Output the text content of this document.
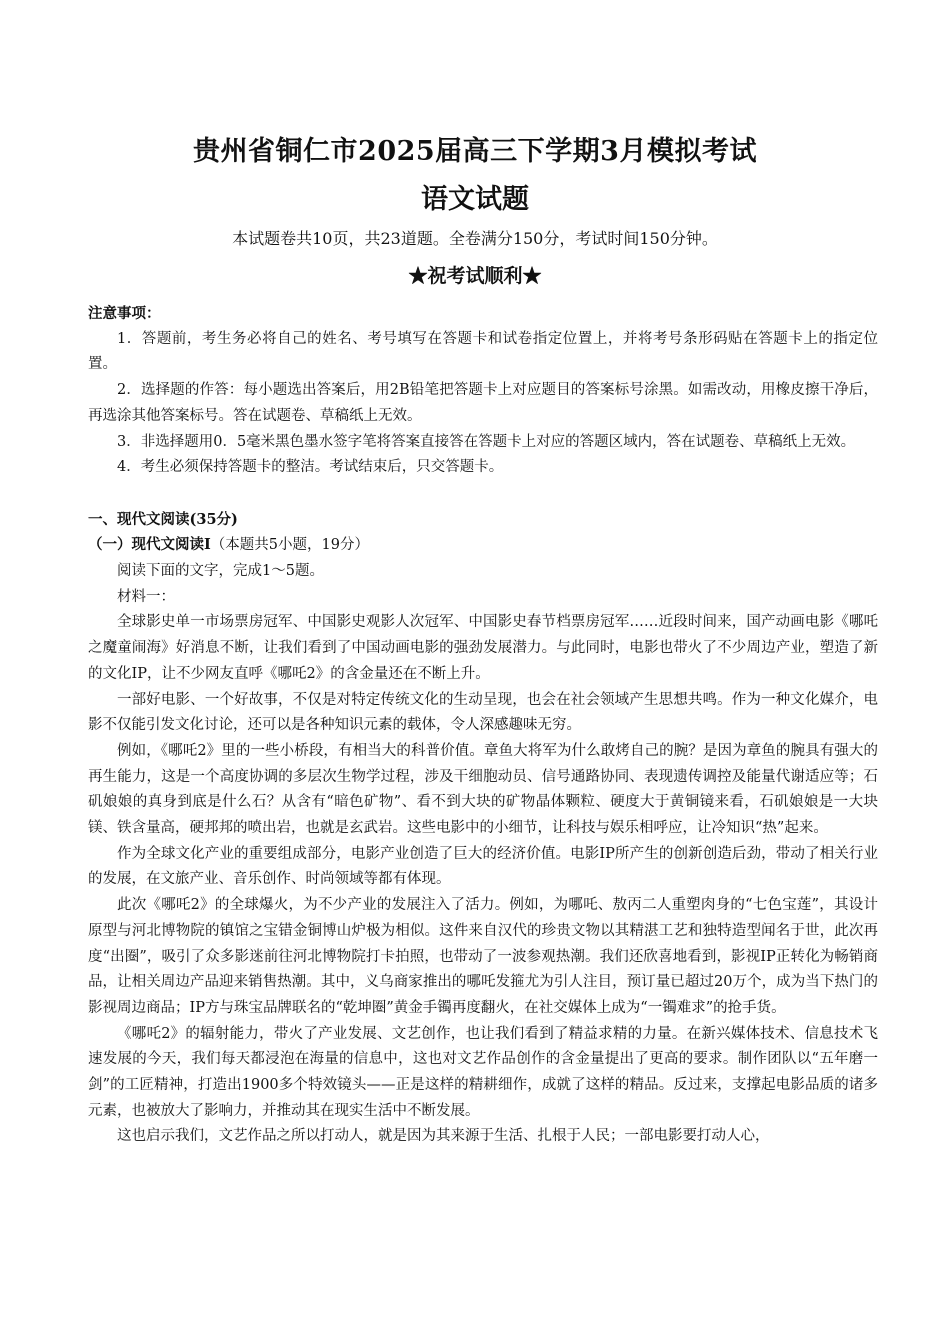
贵州省铜仁市2025届高三下学期3月模拟考试
语文试题
本试题卷共10页，共23道题。全卷满分150分，考试时间150分钟。
★祝考试顺利★

注意事项：

1．答题前，考生务必将自己的姓名、考号填写在答题卡和试卷指定位置上，并将考号条形码贴在答题卡上的指定位置。

2．选择题的作答：每小题选出答案后，用2B铅笔把答题卡上对应题目的答案标号涂黑。如需改动，用橡皮擦干净后，再选涂其他答案标号。答在试题卷、草稿纸上无效。

3．非选择题用0．5毫米黑色墨水签字笔将答案直接答在答题卡上对应的答题区域内，答在试题卷、草稿纸上无效。

4．考生必须保持答题卡的整洁。考试结束后，只交答题卡。

一、现代文阅读(35分)

（一）现代文阅读Ⅰ（本题共5小题，19分）

阅读下面的文字，完成1～5题。

材料一：

全球影史单一市场票房冠军、中国影史观影人次冠军、中国影史春节档票房冠军……近段时间来，国产动画电影《哪吒之魔童闹海》好消息不断，让我们看到了中国动画电影的强劲发展潜力。与此同时，电影也带火了不少周边产业，塑造了新的文化IP，让不少网友直呼《哪吒2》的含金量还在不断上升。

一部好电影、一个好故事，不仅是对特定传统文化的生动呈现，也会在社会领域产生思想共鸣。作为一种文化媒介，电影不仅能引发文化讨论，还可以是各种知识元素的载体，令人深感趣味无穷。

例如，《哪吒2》里的一些小桥段，有相当大的科普价值。章鱼大将军为什么敢烤自己的腕？是因为章鱼的腕具有强大的再生能力，这是一个高度协调的多层次生物学过程，涉及干细胞动员、信号通路协同、表现遗传调控及能量代谢适应等；石矶娘娘的真身到底是什么石？从含有“暗色矿物”、看不到大块的矿物晶体颗粒、硬度大于黄铜镜来看，石矶娘娘是一大块镁、铁含量高，硬邦邦的喷出岩，也就是玄武岩。这些电影中的小细节，让科技与娱乐相呼应，让冷知识“热”起来。

作为全球文化产业的重要组成部分，电影产业创造了巨大的经济价值。电影IP所产生的创新创造后劲，带动了相关行业的发展，在文旅产业、音乐创作、时尚领域等都有体现。

此次《哪吒2》的全球爆火，为不少产业的发展注入了活力。例如，为哪吒、敖丙二人重塑肉身的“七色宝莲”，其设计原型与河北博物院的镇馆之宝错金铜博山炉极为相似。这件来自汉代的珍贵文物以其精湛工艺和独特造型闻名于世，此次再度“出圈”，吸引了众多影迷前往河北博物院打卡拍照，也带动了一波参观热潮。我们还欣喜地看到，影视IP正转化为畅销商品，让相关周边产品迎来销售热潮。其中，义乌商家推出的哪吒发箍尤为引人注目，预订量已超过20万个，成为当下热门的影视周边商品；IP方与珠宝品牌联名的“乾坤圈”黄金手镯再度翻火，在社交媒体上成为“一镯难求”的抢手货。

《哪吒2》的辐射能力，带火了产业发展、文艺创作，也让我们看到了精益求精的力量。在新兴媒体技术、信息技术飞速发展的今天，我们每天都浸泡在海量的信息中，这也对文艺作品创作的含金量提出了更高的要求。制作团队以“五年磨一剑”的工匠精神，打造出1900多个特效镜头——正是这样的精耕细作，成就了这样的精品。反过来，支撑起电影品质的诸多元素，也被放大了影响力，并推动其在现实生活中不断发展。

这也启示我们，文艺作品之所以打动人，就是因为其来源于生活、扎根于人民；一部电影要打动人心，
